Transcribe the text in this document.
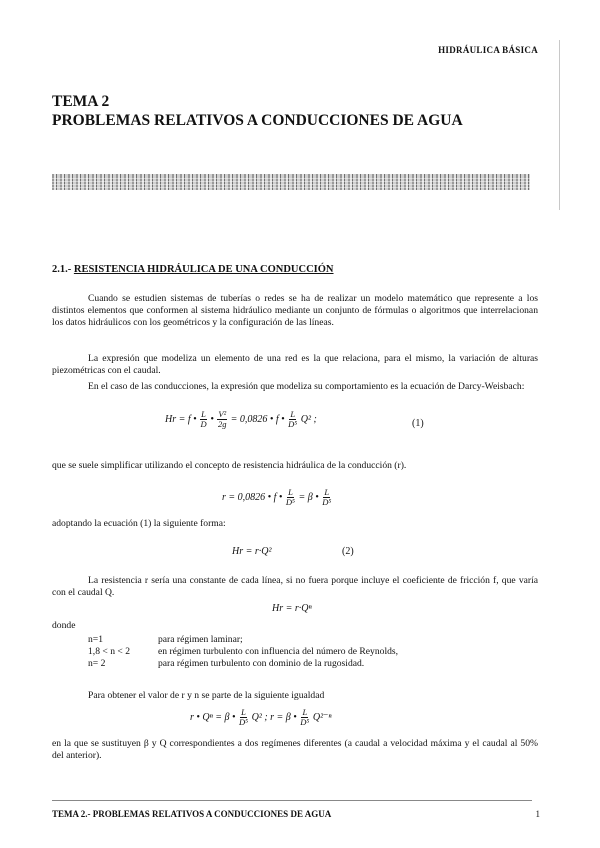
HIDRÁULICA BÁSICA
TEMA 2
PROBLEMAS RELATIVOS A CONDUCCIONES DE AGUA
2.1.- RESISTENCIA HIDRÁULICA DE UNA CONDUCCIÓN
Cuando se estudien sistemas de tuberías o redes se ha de realizar un modelo matemático que represente a los distintos elementos que conformen al sistema hidráulico mediante un conjunto de fórmulas o algoritmos que interrelacionan los datos hidráulicos con los geométricos y la configuración de las líneas.
La expresión que modeliza un elemento de una red es la que relaciona, para el mismo, la variación de alturas piezométricas con el caudal.
En el caso de las conducciones, la expresión que modeliza su comportamiento es la ecuación de Darcy-Weisbach:
Hr = f • $\frac{L}{D}$ • $\frac{\text{V²}}{2g} = 0,0826$ • f • $\frac{L}{\text{D⁵}} Q^2$ ;	(1)
que se suele simplificar utilizando el concepto de resistencia hidráulica de la conducción (r).
r = 0,0826 • f • $\frac{L}{\text{D⁵}} = \beta$ • $\frac{L}{\text{D⁵}}$
adoptando la ecuación (1) la siguiente forma:
Hr = r·Q²	(2)
La resistencia r sería una constante de cada línea, si no fuera porque incluye el coeficiente de fricción f, que varía con el caudal Q.
Hr = r·Qⁿ
donde
n=1	para régimen laminar;
1,8 < n < 2	en régimen turbulento con influencia del número de Reynolds,
n= 2	para régimen turbulento con dominio de la rugosidad.
Para obtener el valor de r y n se parte de la siguiente igualdad
r • Qⁿ = β • $\frac{L}{\text{D⁵}} Q^2$ ; r = β • $\frac{L}{\text{D⁵}} Q^{2-n}$
en la que se sustituyen β y Q correspondientes a dos regímenes diferentes (a caudal a velocidad máxima y el caudal al 50% del anterior).
TEMA 2.- PROBLEMAS RELATIVOS A CONDUCCIONES DE AGUA	1
